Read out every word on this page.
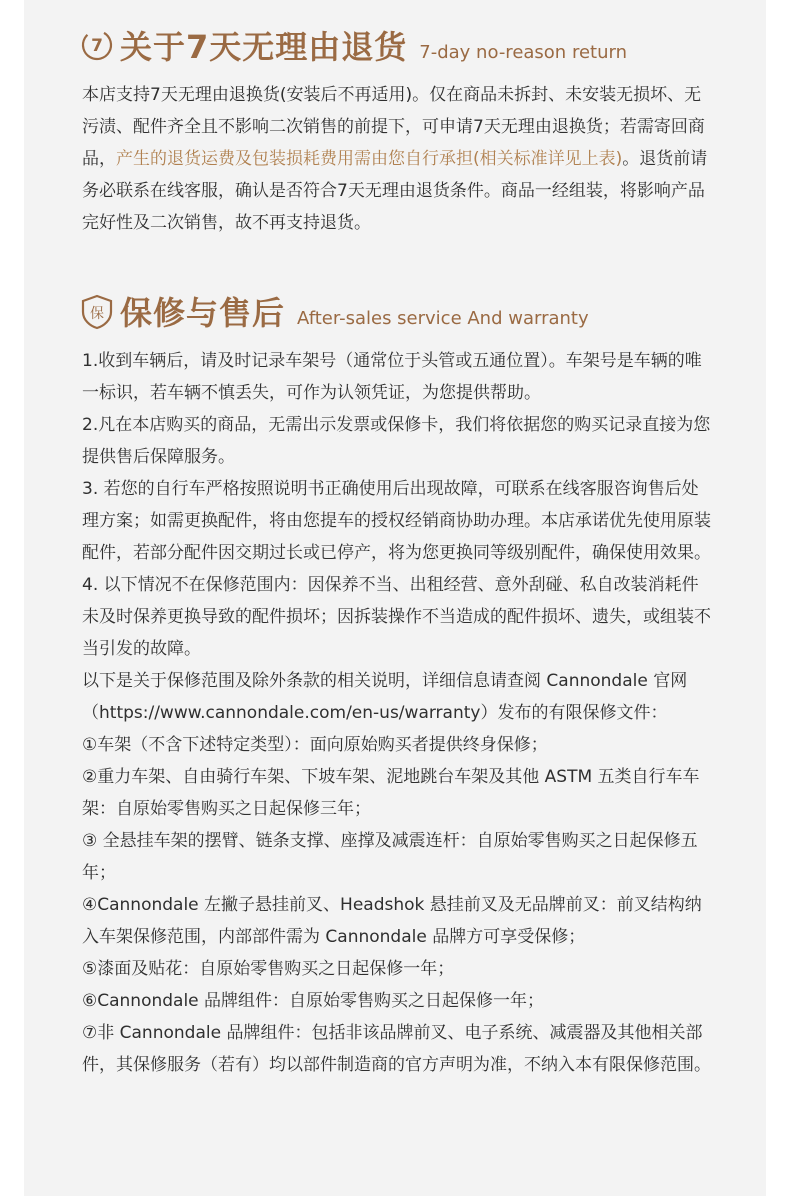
7 关于7天无理由退货 7-day no-reason return

本店支持7天无理由退换货(安装后不再适用)。仅在商品未拆封、未安装无损坏、无污渍、配件齐全且不影响二次销售的前提下，可申请7天无理由退换货；若需寄回商品，产生的退货运费及包装损耗费用需由您自行承担(相关标准详见上表)。退货前请务必联系在线客服，确认是否符合7天无理由退货条件。商品一经组装，将影响产品完好性及二次销售，故不再支持退货。

保 保修与售后 After-sales service And warranty
1.收到车辆后，请及时记录车架号（通常位于头管或五通位置）。车架号是车辆的唯一标识，若车辆不慎丢失，可作为认领凭证，为您提供帮助。
2.凡在本店购买的商品，无需出示发票或保修卡，我们将依据您的购买记录直接为您提供售后保障服务。
3. 若您的自行车严格按照说明书正确使用后出现故障，可联系在线客服咨询售后处理方案；如需更换配件，将由您提车的授权经销商协助办理。本店承诺优先使用原装配件，若部分配件因交期过长或已停产，将为您更换同等级别配件，确保使用效果。
4. 以下情况不在保修范围内：因保养不当、出租经营、意外刮碰、私自改装消耗件未及时保养更换导致的配件损坏；因拆装操作不当造成的配件损坏、遗失，或组装不当引发的故障。
以下是关于保修范围及除外条款的相关说明，详细信息请查阅 Cannondale 官网（https://www.cannondale.com/en-us/warranty）发布的有限保修文件：
①车架（不含下述特定类型）：面向原始购买者提供终身保修；
②重力车架、自由骑行车架、下坡车架、泥地跳台车架及其他 ASTM 五类自行车车架：自原始零售购买之日起保修三年；
③ 全悬挂车架的摆臂、链条支撑、座撑及减震连杆：自原始零售购买之日起保修五年；
④Cannondale 左撇子悬挂前叉、Headshok 悬挂前叉及无品牌前叉：前叉结构纳入车架保修范围，内部部件需为 Cannondale 品牌方可享受保修；
⑤漆面及贴花：自原始零售购买之日起保修一年；
⑥Cannondale 品牌组件：自原始零售购买之日起保修一年；
⑦非 Cannondale 品牌组件：包括非该品牌前叉、电子系统、减震器及其他相关部件，其保修服务（若有）均以部件制造商的官方声明为准，不纳入本有限保修范围。
